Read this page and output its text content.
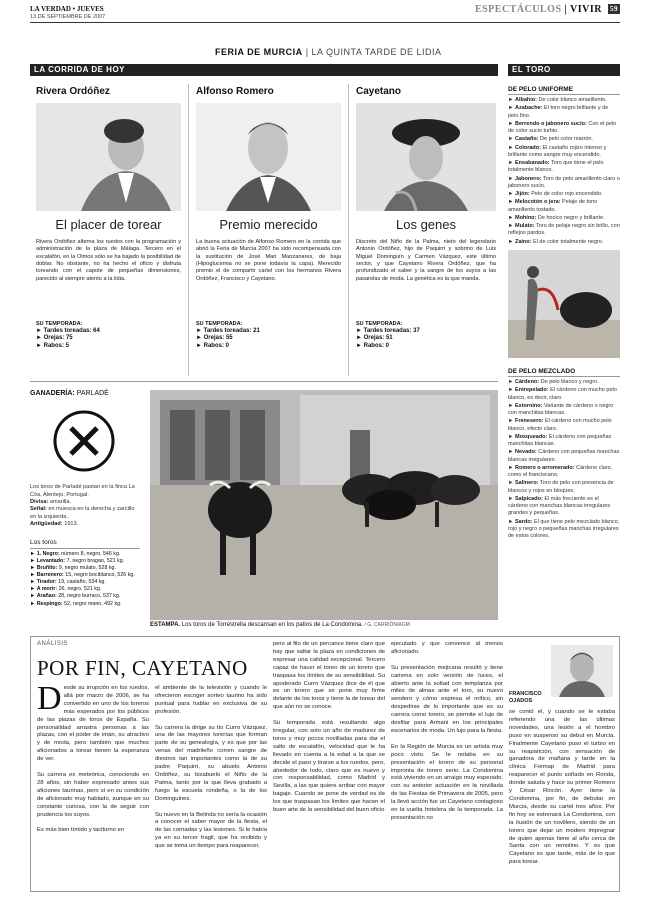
LA VERDAD • JUEVES
13 DE SEPTIEMBRE DE 2007
ESPECTÁCULOS | VIVIR 59
FERIA DE MURCIA | LA QUINTA TARDE DE LIDIA
LA CORRIDA DE HOY
Rivera Ordóñez
El placer de torear
Rivera Ordóñez alterna los ruedos con la programación y administración de la plaza de Málaga. Tercero en el escalafón, en la Olmos sólo se ha bajado la posibilidad de doblar. No obstante, no ha hecho el oficio y disfruta toreando con el capote de pequeñas dimensiones, parecido al siempre atento a la lidia.
SU TEMPORADA:
► Tardes toreadas: 64
► Orejas: 75
► Rabos: 5
Alfonso Romero
Premio merecido
La buena actuación de Alfonso Romero en la corrida que abrió la Feria de Murcia 2007 ha sido recompensada con la sustitución de José Mari Manzanares, de baja (Hipoglucemia no se pone todavía la capa). Merecido premio el de compartir cartel con los hermanos Rivera Ordóñez, Francisco y Cayetano.
SU TEMPORADA:
► Tardes toreadas: 21
► Orejas: 55
► Rabos: 0
Cayetano
Los genes
Discreto del Niño de la Palma, nieto del legendario Antonio Ordóñez, hijo de Paquirri y sobrino de Luis Miguel Dominguín y Carmen Vázquez, este último sector, y que Cayetano Rivera Ordóñez, que ha profundizado el saber y la sangre de los suyos a las pasarelas de moda. La genética es la que manda.
SU TEMPORADA:
► Tardes toreadas: 37
► Orejas: 51
► Rabos: 0
GANADERÍA: PARLADÉ
Los toros de Parladé pastan en la finca La Cóa, Alentejo, Portugal.
Divisa: amarilla.
Señal: en muesca en la derecha y zarcillo en la izquierda.
Antigüedad: 1913.
Los toros

► 1. Negro: número 8, negro, 546 kg.

► Levantado: 7, negro bragao, 521 kg.

► Bruñito: 9, negro mulato, 528 kg.

► Barrenero: 15, negro bociblanco, 526 kg.

► Tirador: 19, castaño, 534 kg.

► A morir: 26, negro, 521 kg.

► Arañao: 28, negro burraco, 537 kg.

► Respingo: 52, negro mano, 492 kg.

ESTAMPA. Los toros de Torrestrella descansan en los patios de La Condomina. / G. CARRIÓN/AGM
EL TORO
DE PELO UNIFORME

► Albahío: De color blanco amarillento.

► Azabache: El toro negro brillante y de pelo fino.

► Berrendo o jabonero sucio: Con el pelo de color sucio turbio.

► Castaño: De pelo color marrón.

► Colorado: El castaño rojizo intenso y brillante como sangre muy encendido.

► Ensabanado: Toro que tiene el pelo totalmente blanco.

► Jabonero: Toro de pelo amarillento claro o jabonero sucio.

► Jijón: Pelo de color rojo encendido.

► Melocotón o jera: Pelaje de tono amarillento tostado.

► Mohíno: De hocico negro y brillante.

► Mulato: Toro de pelaje negro sin brillo, con reflejos pardos.

► Zaino: El de color totalmente negro.

DE PELO MEZCLADO

► Cárdeno: De pelo blanco y negro.

► Entrepelado: El cárdeno con mucho pelo blanco, es decir, claro.

► Estornino: Variante de cárdeno o negro con manchitas blancas.

► Frenesero: El cárdeno con mucho pelo blanco, efecto claro.

► Mosqueado: El cárdeno con pequeñas manchitas blancas.

► Nevado: Cárdeno con pequeñas manchas blancas irregulares.

► Romero o arromerado: Cárdeno claro, como el franciscano.

► Salinero: Toro de pelo con presencia de blancos y rojos en bloques.

► Salpicado: El más frecuente es el cárdeno con manchas blancas irregulares grandes y pequeñas.

► Sardo: El que tiene pelo mezclado blanco, rojo y negro o pequeñas manchas irregulares de estos colores.

ANÁLISIS
POR FIN, CAYETANO
D esde su irrupción en los ruedos, allá por marzo de 2006, se ha convertido en uno de los toreros más esperados por los públicos de las plazas de toros de España. Su personalidad arrastra personas a las plazas, con el poder de imán, su atractivo y de moda, pero también que muchos aficionados a torear tienen la esperanza de ver.

Su carrera es meteórica, conociendo en 28 años, sin haber expresado antes sus aficiones taurinas, pero sí en su condición de aficionado muy hablado, aunque en su constante curiosa, con la de seguir con prudencia los suyos.

Es más bien tímido y taciturno en
el ambiente de la televisión y cuando le ofrecieron escoger sorteo taurino ha sido puntual para hablar en exclusiva de su profesión.

Su carrera la dirige su tío Curro Vázquez, una de las mayores torerías que forman parte de su genealogía, y es que por las venas del madrileño corren sangre de diestros tan importantes como la de su padre Paquirri, su abuelo Antonio Ordóñez, su bisabuelo el Niño de la Palma, tanto por la que lleva grabado a fuego la escuela rondeña, o la de los Dominguines.

Su nuevo en la Belinda no sería la ocasión a conocer el saber mayor de la fiesta, el de las cornadas y las lesiones. Si le había ya en su tercer fragil, que ha recibido y que se toma un tiempo para reaparecer,
pero al filo de un percance tiene claro que hay que saltar la plaza en condiciones de expresar una calidad excepcional. Tercero capaz de hacer el toreo de un torero que traspasa los límites de su sensibilidad. Su apoderado Curro Vázquez dice de él que es un torero que se pone muy firme delante de los toros y tiene la de torear del que aún no se conoce.

Su temporada está resultando algo irregular, con solo un año de madurez de toros y muy pocos novilladas para dar el salto de escalafón, velocidad que le ha llevado en cuenta a la edad a la que se decide el paso y tirarse a los ruedos, pero, alrededor de todo, claro que es nuevo y con responsabilidad, como Madrid y Sevilla, a las que quiere arribar con mayor bagaje. Cuando se pone de verdad es de los que traspasan los límites que hacen el buen arte de la sensibilidad del buen oficio
ejecutado y que convence al menos aficionado.

Su presentación mejicana resultó y tiene carisma en solo versión de luces, el abierto ante la soltad con templanza por miles de almas ante el toro, su nuevo sendero y cómo expresa el mítico, sin despedirse de lo importante que es su carrera como torero, se permite el lujo de desfilar para Armani en los principales escenarios de moda. Un lujo para la fiesta.

En la Región de Murcia es un artista muy poco visto. Se le notaba en su presentación el torero de su personal impronta de torero serio. La Condomina está viviendo en un arraigo muy esperado, con su anterior actuación en la novillada de las Fiestas de Primavera de 2005, pero la llevó acción fue un Cayetano contagioso en la vuelta hotelera de la temporada. La presentación no
FRANCISCO OJADOS
se contó el, y cuando se le estaba referiendo una de las últimas novedades, una lesión a el hombro puso en suspenso su debut en Murcia. Finalmente Cayetano puso el turbio en su reaparición, con sensación de ganadora de mañana y tarde en la clínica Fremap de Madrid para reaparecer el punto soñado en Ronda, donde saluda y hace su primer Romero y César Rincón. Ayer tiene la Condomina, por fin, de debutar en Murcia, desde su cartel tres años. Por fin hoy se estrenará La Condomina, con la ilusión de un novillero, siendo de un torero que dejar un modero impregnar de quien apenas tiene al año cerca de Santa con un remolino. Y es que Cayetano es que tarde, más de lo que para torear.
